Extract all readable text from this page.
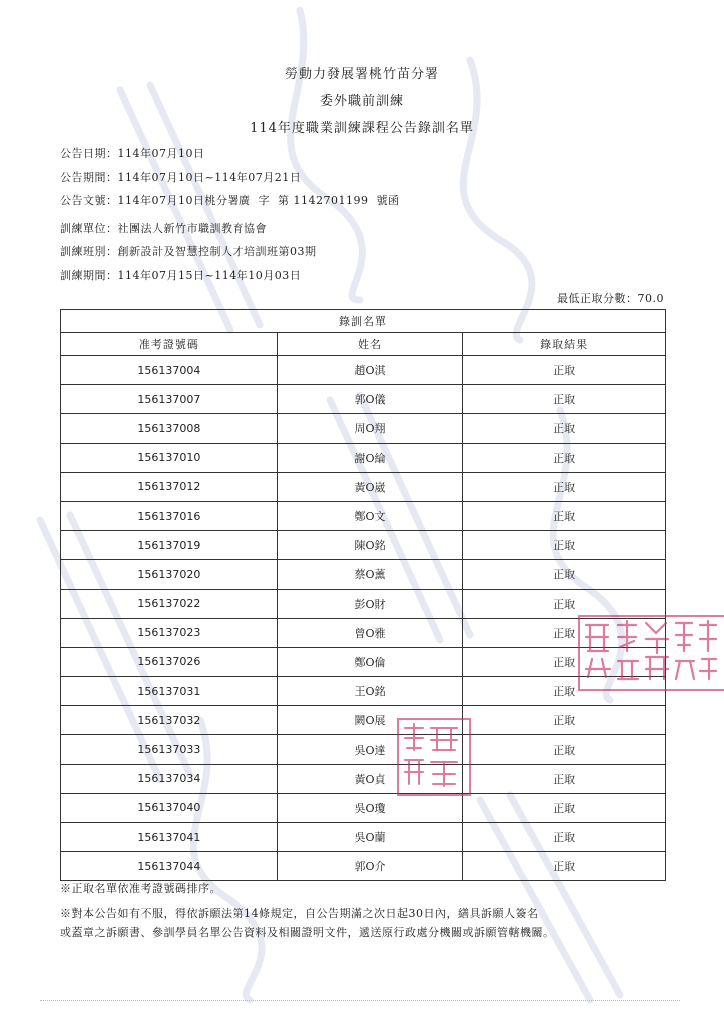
勞動力發展署桃竹苗分署
委外職前訓練
114年度職業訓練課程公告錄訓名單
公告日期：114年07月10日
公告期間：114年07月10日~114年07月21日
公告文號：114年07月10日桃分署廣  字  第 1142701199  號函
訓練單位：社團法人新竹市職訓教育協會
訓練班別：創新設計及智慧控制人才培訓班第03期
訓練期間：114年07月15日~114年10月03日
最低正取分數：70.0
錄訓名單		
准考證號碼	姓名	錄取結果
156137004	趙O淇	正取
156137007	郭O儀	正取
156137008	周O翔	正取
156137010	謝O綸	正取
156137012	黃O崴	正取
156137016	鄭O文	正取
156137019	陳O銘	正取
156137020	蔡O薰	正取
156137022	彭O財	正取
156137023	曾O雅	正取
156137026	鄭O倫	正取
156137031	王O銘	正取
156137032	闕O展	正取
156137033	吳O達	正取
156137034	黃O貞	正取
156137040	吳O瓊	正取
156137041	吳O蘭	正取
156137044	郭O介	正取
※正取名單依准考證號碼排序。
※對本公告如有不服，得依訴願法第14條規定，自公告期滿之次日起30日內，繕具訴願人簽名
或蓋章之訴願書、參訓學員名單公告資料及相關證明文件，遞送原行政處分機關或訴願管轄機關。
